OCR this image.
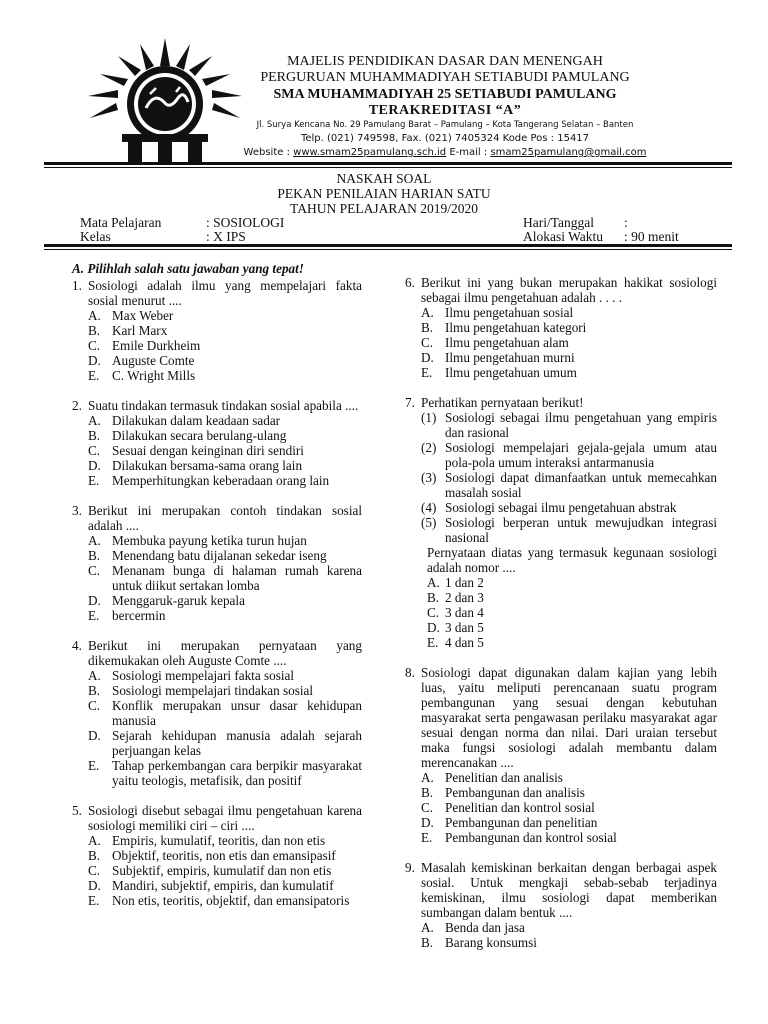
MAJELIS PENDIDIKAN DASAR DAN MENENGAH
PERGURUAN MUHAMMADIYAH SETIABUDI PAMULANG
SMA MUHAMMADIYAH 25 SETIABUDI PAMULANG
TERAKREDITASI “A”
Jl. Surya Kencana No. 29 Pamulang Barat – Pamulang – Kota Tangerang Selatan – Banten
Telp. (021) 749598, Fax. (021) 7405324 Kode Pos : 15417
Website : www.smam25pamulang.sch.id E-mail : smam25pamulang@gmail.com
NASKAH SOAL
PEKAN PENILAIAN HARIAN SATU
TAHUN PELAJARAN 2019/2020
Mata Pelajaran	: SOSIOLOGI	Hari/Tanggal :
Kelas	: X IPS	Alokasi Waktu : 90 menit
A. Pilihlah salah satu jawaban yang tepat!
1. Sosiologi adalah ilmu yang mempelajari fakta sosial menurut ....
A. Max Weber
B. Karl Marx
C. Emile Durkheim
D. Auguste Comte
E. C. Wright Mills
2. Suatu tindakan termasuk tindakan sosial apabila ....
A. Dilakukan dalam keadaan sadar
B. Dilakukan secara berulang-ulang
C. Sesuai dengan keinginan diri sendiri
D. Dilakukan bersama-sama orang lain
E. Memperhitungkan keberadaan orang lain
3. Berikut ini merupakan contoh tindakan sosial adalah ....
A. Membuka payung ketika turun hujan
B. Menendang batu dijalanan sekedar iseng
C. Menanam bunga di halaman rumah karena untuk diikut sertakan lomba
D. Menggaruk-garuk kepala
E. bercermin
4. Berikut ini merupakan pernyataan yang dikemukakan oleh Auguste Comte ....
A. Sosiologi mempelajari fakta sosial
B. Sosiologi mempelajari tindakan sosial
C. Konflik merupakan unsur dasar kehidupan manusia
D. Sejarah kehidupan manusia adalah sejarah perjuangan kelas
E. Tahap perkembangan cara berpikir masyarakat yaitu teologis, metafisik, dan positif
5. Sosiologi disebut sebagai ilmu pengetahuan karena sosiologi memiliki ciri – ciri ....
A. Empiris, kumulatif, teoritis, dan non etis
B. Objektif, teoritis, non etis dan emansipasif
C. Subjektif, empiris, kumulatif dan non etis
D. Mandiri, subjektif, empiris, dan kumulatif
E. Non etis, teoritis, objektif, dan emansipatoris
6. Berikut ini yang bukan merupakan hakikat sosiologi sebagai ilmu pengetahuan adalah . . . .
A. Ilmu pengetahuan sosial
B. Ilmu pengetahuan kategori
C. Ilmu pengetahuan alam
D. Ilmu pengetahuan murni
E. Ilmu pengetahuan umum
7. Perhatikan pernyataan berikut!
(1) Sosiologi sebagai ilmu pengetahuan yang empiris dan rasional
(2) Sosiologi mempelajari gejala-gejala umum atau pola-pola umum interaksi antarmanusia
(3) Sosiologi dapat dimanfaatkan untuk memecahkan masalah sosial
(4) Sosiologi sebagai ilmu pengetahuan abstrak
(5) Sosiologi berperan untuk mewujudkan integrasi nasional
Pernyataan diatas yang termasuk kegunaan sosiologi adalah nomor ....
A. 1 dan 2
B. 2 dan 3
C. 3 dan 4
D. 3 dan 5
E. 4 dan 5
8. Sosiologi dapat digunakan dalam kajian yang lebih luas, yaitu meliputi perencanaan suatu program pembangunan yang sesuai dengan kebutuhan masyarakat serta pengawasan perilaku masyarakat agar sesuai dengan norma dan nilai. Dari uraian tersebut maka fungsi sosiologi adalah membantu dalam merencanakan ....
A. Penelitian dan analisis
B. Pembangunan dan analisis
C. Penelitian dan kontrol sosial
D. Pembangunan dan penelitian
E. Pembangunan dan kontrol sosial
9. Masalah kemiskinan berkaitan dengan berbagai aspek sosial. Untuk mengkaji sebab-sebab terjadinya kemiskinan, ilmu sosiologi dapat memberikan sumbangan dalam bentuk ....
A. Benda dan jasa
B. Barang konsumsi
